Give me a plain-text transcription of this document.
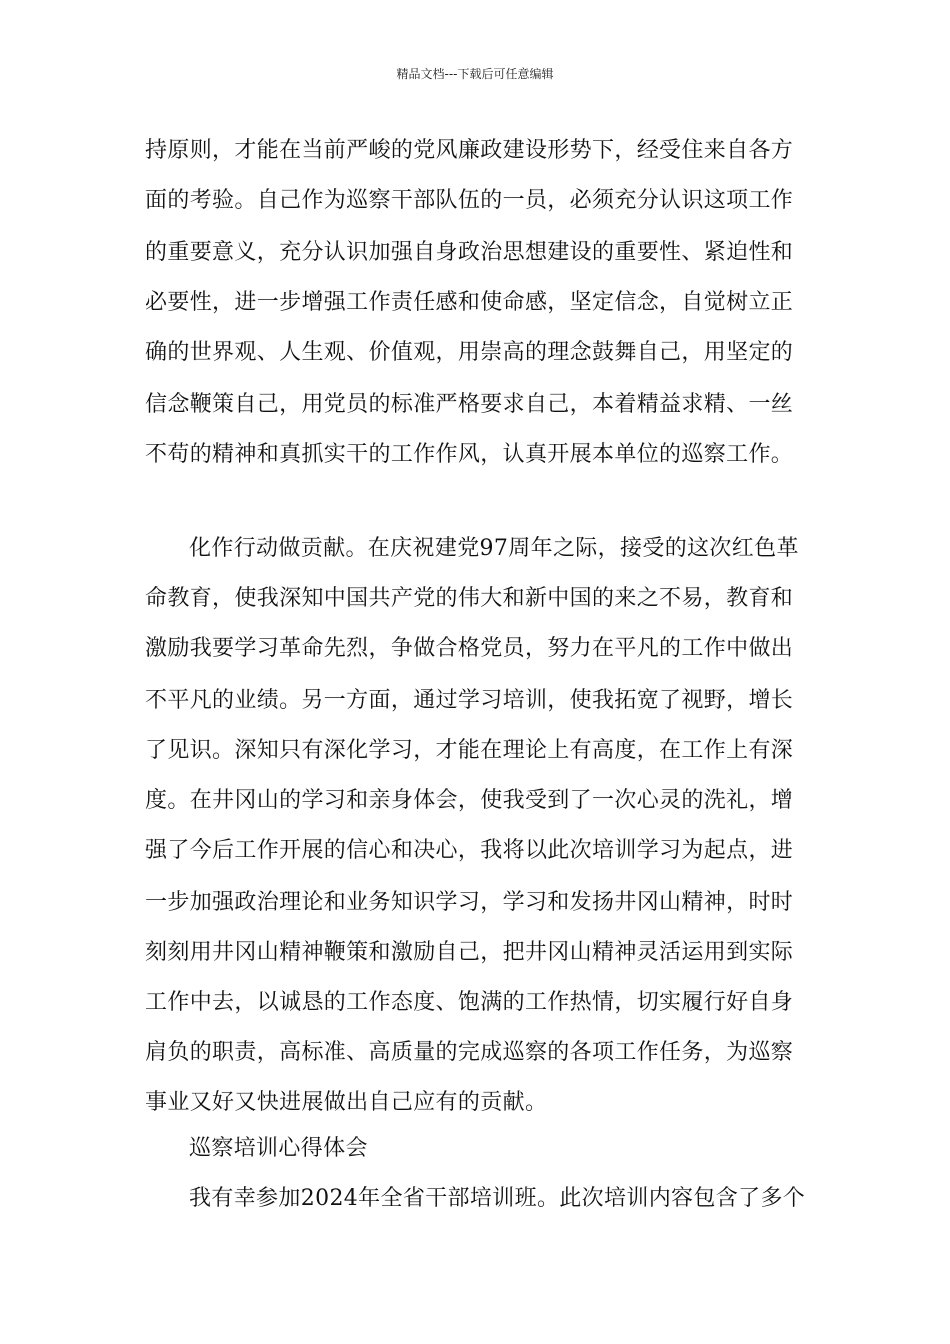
精品文档---下载后可任意编辑
持原则，才能在当前严峻的党风廉政建设形势下，经受住来自各方
面的考验。自己作为巡察干部队伍的一员，必须充分认识这项工作
的重要意义，充分认识加强自身政治思想建设的重要性、紧迫性和
必要性，进一步增强工作责任感和使命感，坚定信念，自觉树立正
确的世界观、人生观、价值观，用崇高的理念鼓舞自己，用坚定的
信念鞭策自己，用党员的标准严格要求自己，本着精益求精、一丝
不苟的精神和真抓实干的工作作风，认真开展本单位的巡察工作。
化作行动做贡献。在庆祝建党97周年之际，接受的这次红色革
命教育，使我深知中国共产党的伟大和新中国的来之不易，教育和
激励我要学习革命先烈，争做合格党员，努力在平凡的工作中做出
不平凡的业绩。另一方面，通过学习培训，使我拓宽了视野，增长
了见识。深知只有深化学习，才能在理论上有高度，在工作上有深
度。在井冈山的学习和亲身体会，使我受到了一次心灵的洗礼，增
强了今后工作开展的信心和决心，我将以此次培训学习为起点，进
一步加强政治理论和业务知识学习，学习和发扬井冈山精神，时时
刻刻用井冈山精神鞭策和激励自己，把井冈山精神灵活运用到实际
工作中去，以诚恳的工作态度、饱满的工作热情，切实履行好自身
肩负的职责，高标准、高质量的完成巡察的各项工作任务，为巡察
事业又好又快进展做出自己应有的贡献。
巡察培训心得体会
我有幸参加2024年全省干部培训班。此次培训内容包含了多个
